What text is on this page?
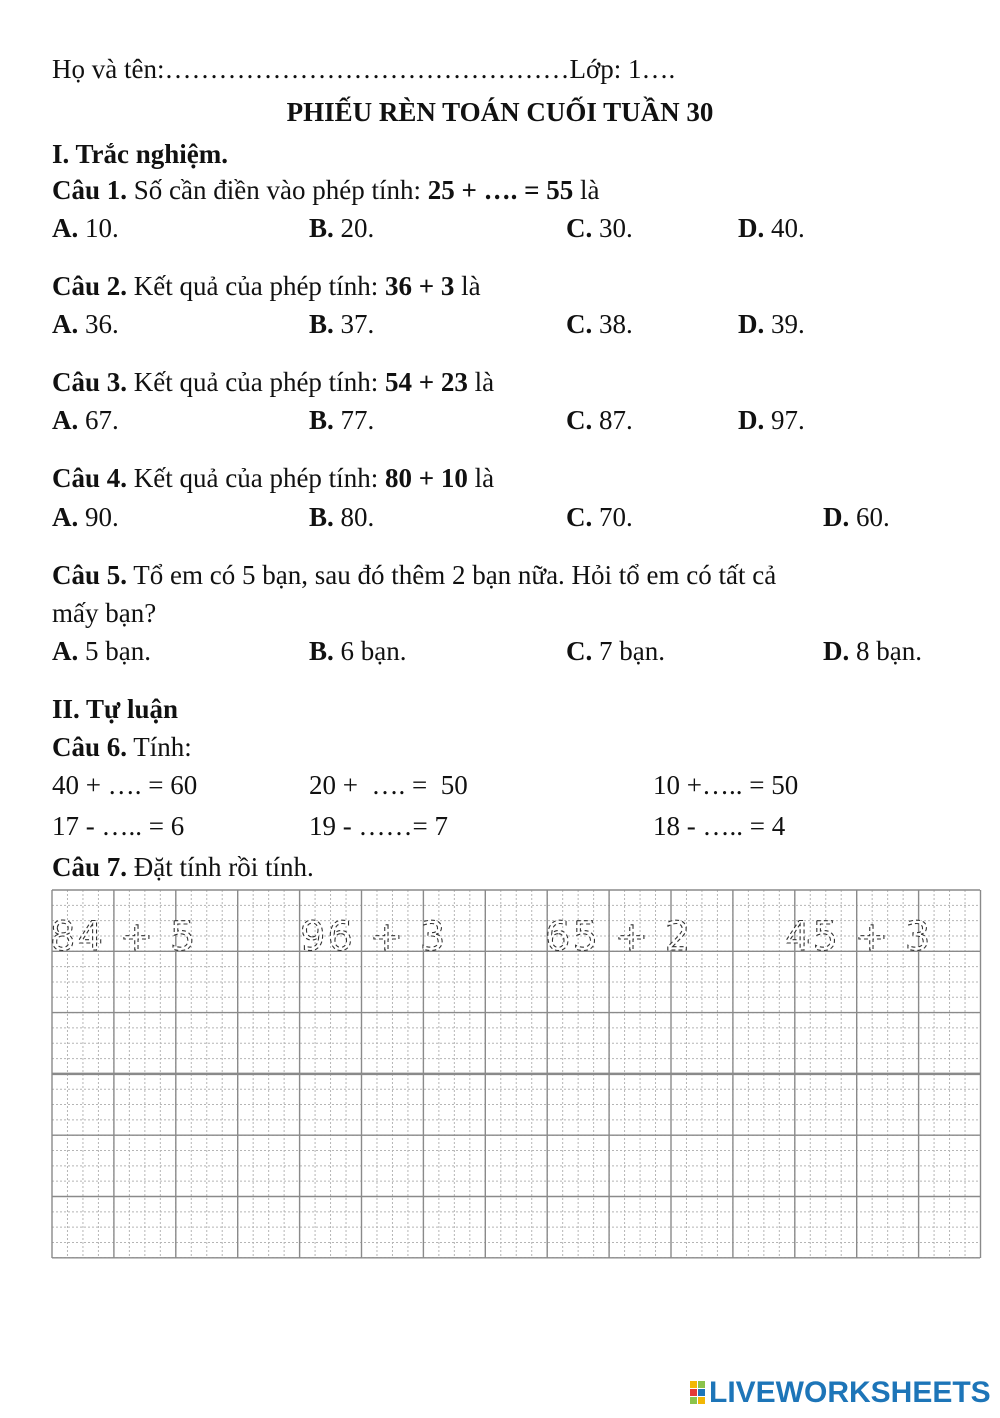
Họ và tên:………………………………………Lớp: 1….
PHIẾU RÈN TOÁN CUỐI TUẦN 30
I. Trắc nghiệm.
Câu 1. Số cần điền vào phép tính: 25 + …. = 55 là
A. 10.	B. 20.	C. 30.	D. 40.
Câu 2. Kết quả của phép tính: 36 + 3 là
A. 36.	B. 37.	C. 38.	D. 39.
Câu 3. Kết quả của phép tính: 54 + 23 là
A. 67.	B. 77.	C. 87.	D. 97.
Câu 4. Kết quả của phép tính: 80 + 10 là
A. 90.	B. 80.	C. 70.	D. 60.
Câu 5. Tổ em có 5 bạn, sau đó thêm 2 bạn nữa. Hỏi tổ em có tất cả
mấy bạn?
A. 5 bạn.	B. 6 bạn.	C. 7 bạn.	D. 8 bạn.
II. Tự luận
Câu 6. Tính:
40 + …. = 60	20 +  …. =  50	10 +….. = 50
17 - ….. = 6	19 - ……= 7	18 - ….. = 4
Câu 7. Đặt tính rồi tính.
84 + 5	96 + 3 65 + 2 45 + 3
LIVEWORKSHEETS
